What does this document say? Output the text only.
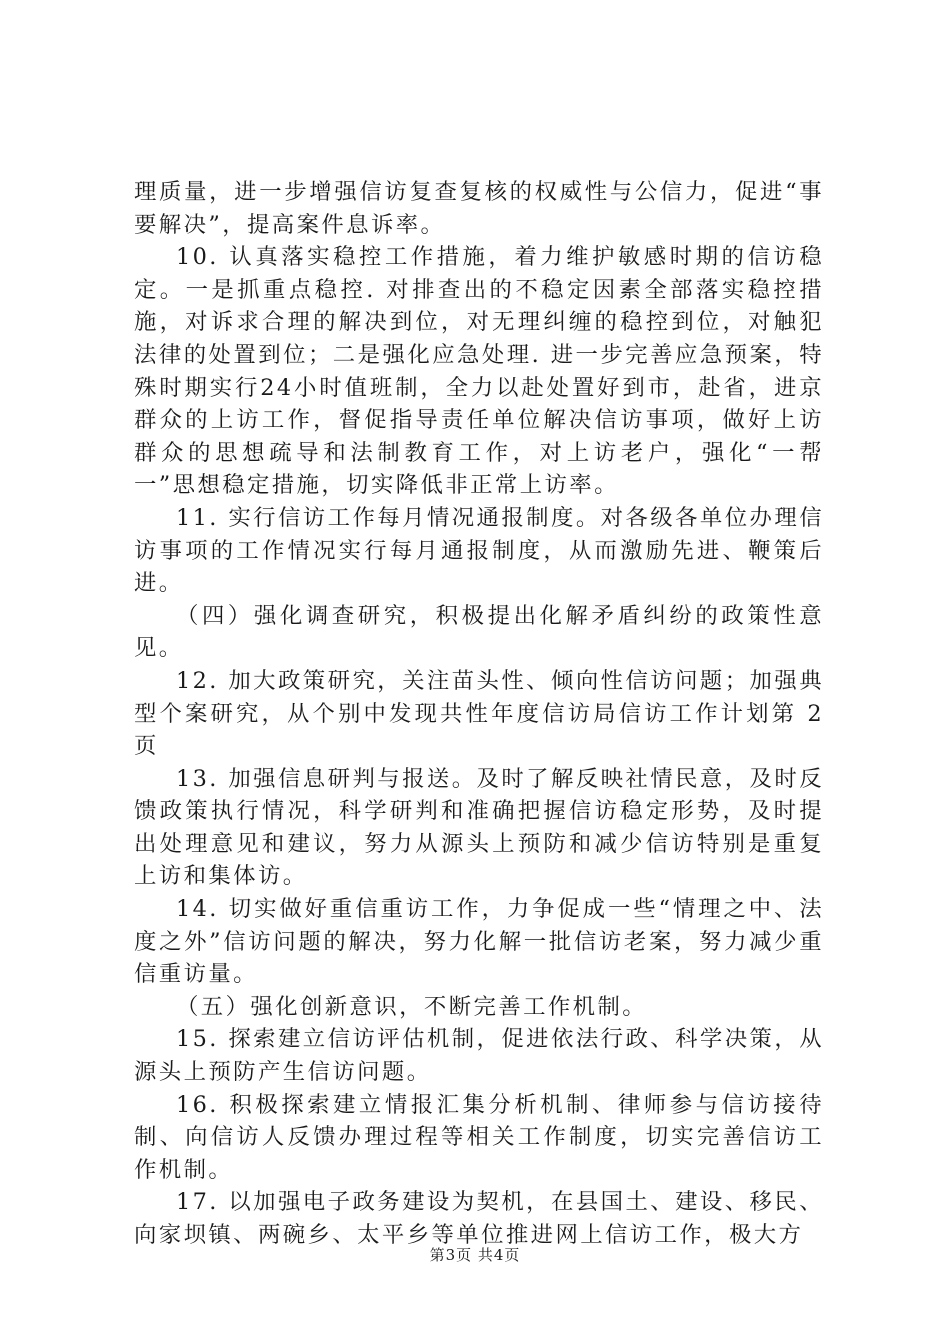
理质量，进一步增强信访复查复核的权威性与公信力，促进“事要解决”，提高案件息诉率。

10. 认真落实稳控工作措施，着力维护敏感时期的信访稳定。一是抓重点稳控. 对排查出的不稳定因素全部落实稳控措施，对诉求合理的解决到位，对无理纠缠的稳控到位，对触犯法律的处置到位；二是强化应急处理. 进一步完善应急预案，特殊时期实行24小时值班制，全力以赴处置好到市，赴省，进京群众的上访工作，督促指导责任单位解决信访事项，做好上访群众的思想疏导和法制教育工作，对上访老户，强化“一帮一”思想稳定措施，切实降低非正常上访率。

11. 实行信访工作每月情况通报制度。对各级各单位办理信访事项的工作情况实行每月通报制度，从而激励先进、鞭策后进。

（四）强化调查研究，积极提出化解矛盾纠纷的政策性意见。

12. 加大政策研究，关注苗头性、倾向性信访问题；加强典型个案研究，从个别中发现共性年度信访局信访工作计划第 2 页

13. 加强信息研判与报送。及时了解反映社情民意，及时反馈政策执行情况，科学研判和准确把握信访稳定形势，及时提出处理意见和建议，努力从源头上预防和减少信访特别是重复上访和集体访。

14. 切实做好重信重访工作，力争促成一些“情理之中、法度之外”信访问题的解决，努力化解一批信访老案，努力减少重信重访量。

（五）强化创新意识，不断完善工作机制。

15. 探索建立信访评估机制，促进依法行政、科学决策，从源头上预防产生信访问题。

16. 积极探索建立情报汇集分析机制、律师参与信访接待制、向信访人反馈办理过程等相关工作制度，切实完善信访工作机制。

17. 以加强电子政务建设为契机，在县国土、建设、移民、向家坝镇、两碗乡、太平乡等单位推进网上信访工作，极大方

第3页 共4页
